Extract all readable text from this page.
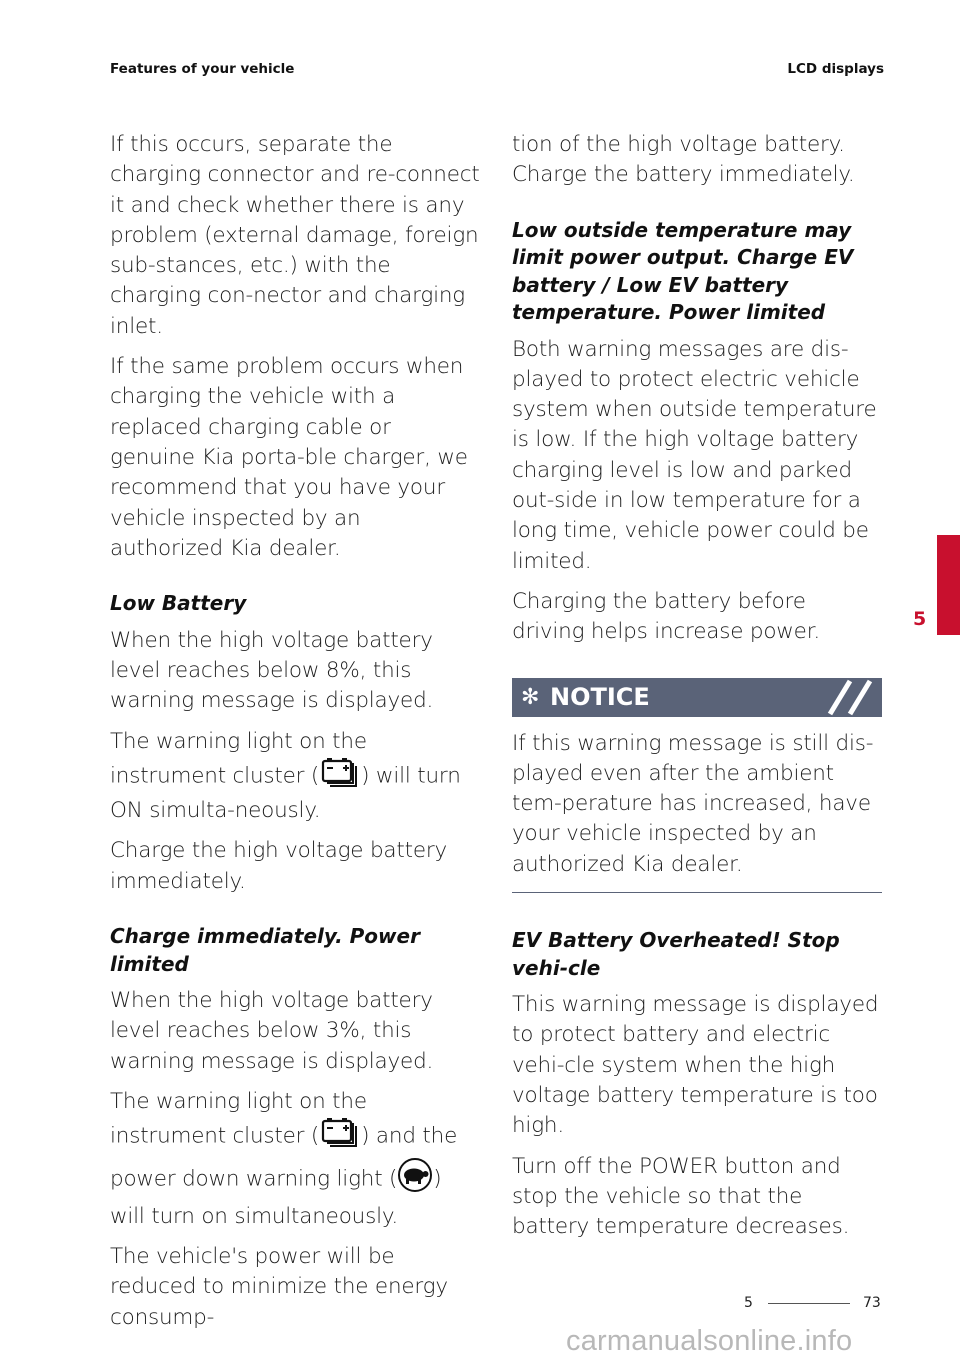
Features of your vehicle	LCD displays

If this occurs, separate the charging connector and re-connect it and check whether there is any problem (external damage, foreign sub-stances, etc.) with the charging con-nector and charging inlet.

If the same problem occurs when charging the vehicle with a replaced charging cable or genuine Kia porta-ble charger, we recommend that you have your vehicle inspected by an authorized Kia dealer.

Low Battery

When the high voltage battery level reaches below 8%, this warning message is displayed.

The warning light on the instrument cluster ( ) will turn ON simulta-neously.

Charge the high voltage battery immediately.

Charge immediately. Power limited

When the high voltage battery level reaches below 3%, this warning message is displayed.

The warning light on the instrument cluster ( ) and the power down warning light ( ) will turn on simultaneously.

The vehicle's power will be reduced to minimize the energy consump-

tion of the high voltage battery. Charge the battery immediately.

Low outside temperature may limit power output. Charge EV battery / Low EV battery temperature. Power limited

Both warning messages are dis-played to protect electric vehicle system when outside temperature is low. If the high voltage battery charging level is low and parked out-side in low temperature for a long time, vehicle power could be limited.

Charging the battery before driving helps increase power.

✻ NOTICE

If this warning message is still dis-played even after the ambient tem-perature has increased, have your vehicle inspected by an authorized Kia dealer.

EV Battery Overheated! Stop vehi-cle

This warning message is displayed to protect battery and electric vehi-cle system when the high voltage battery temperature is too high.

Turn off the POWER button and stop the vehicle so that the battery temperature decreases.

5
5	73
carmanualsonline.info
